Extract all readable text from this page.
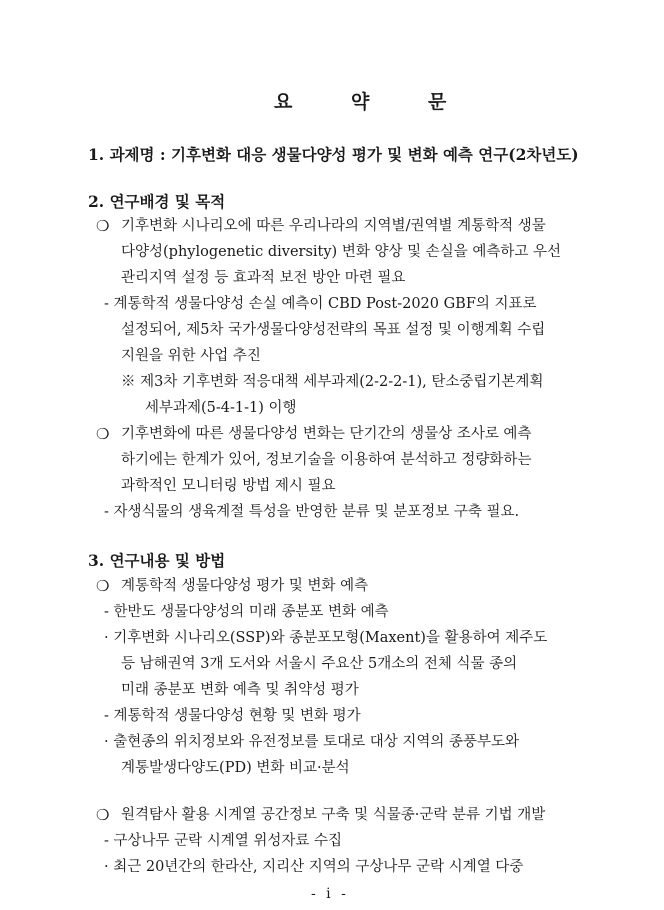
요 약 문
1. 과제명 : 기후변화 대응 생물다양성 평가 및 변화 예측 연구(2차년도)
2. 연구배경 및 목적
❍ 기후변화 시나리오에 따른 우리나라의 지역별/권역별 계통학적 생물
다양성(phylogenetic diversity) 변화 양상 및 손실을 예측하고 우선
관리지역 설정 등 효과적 보전 방안 마련 필요
- 계통학적 생물다양성 손실 예측이 CBD Post-2020 GBF의 지표로
설정되어, 제5차 국가생물다양성전략의 목표 설정 및 이행계획 수립
지원을 위한 사업 추진
※ 제3차 기후변화 적응대책 세부과제(2-2-2-1), 탄소중립기본계획
세부과제(5-4-1-1) 이행
❍ 기후변화에 따른 생물다양성 변화는 단기간의 생물상 조사로 예측
하기에는 한계가 있어, 정보기술을 이용하여 분석하고 정량화하는
과학적인 모니터링 방법 제시 필요
- 자생식물의 생육계절 특성을 반영한 분류 및 분포정보 구축 필요.
3. 연구내용 및 방법
❍ 계통학적 생물다양성 평가 및 변화 예측
- 한반도 생물다양성의 미래 종분포 변화 예측
· 기후변화 시나리오(SSP)와 종분포모형(Maxent)을 활용하여 제주도
등 남해권역 3개 도서와 서울시 주요산 5개소의 전체 식물 종의
미래 종분포 변화 예측 및 취약성 평가
- 계통학적 생물다양성 현황 및 변화 평가
· 출현종의 위치정보와 유전정보를 토대로 대상 지역의 종풍부도와
계통발생다양도(PD) 변화 비교·분석
❍ 원격탐사 활용 시계열 공간정보 구축 및 식물종·군락 분류 기법 개발
- 구상나무 군락 시계열 위성자료 수집
· 최근 20년간의 한라산, 지리산 지역의 구상나무 군락 시계열 다중
- i -
